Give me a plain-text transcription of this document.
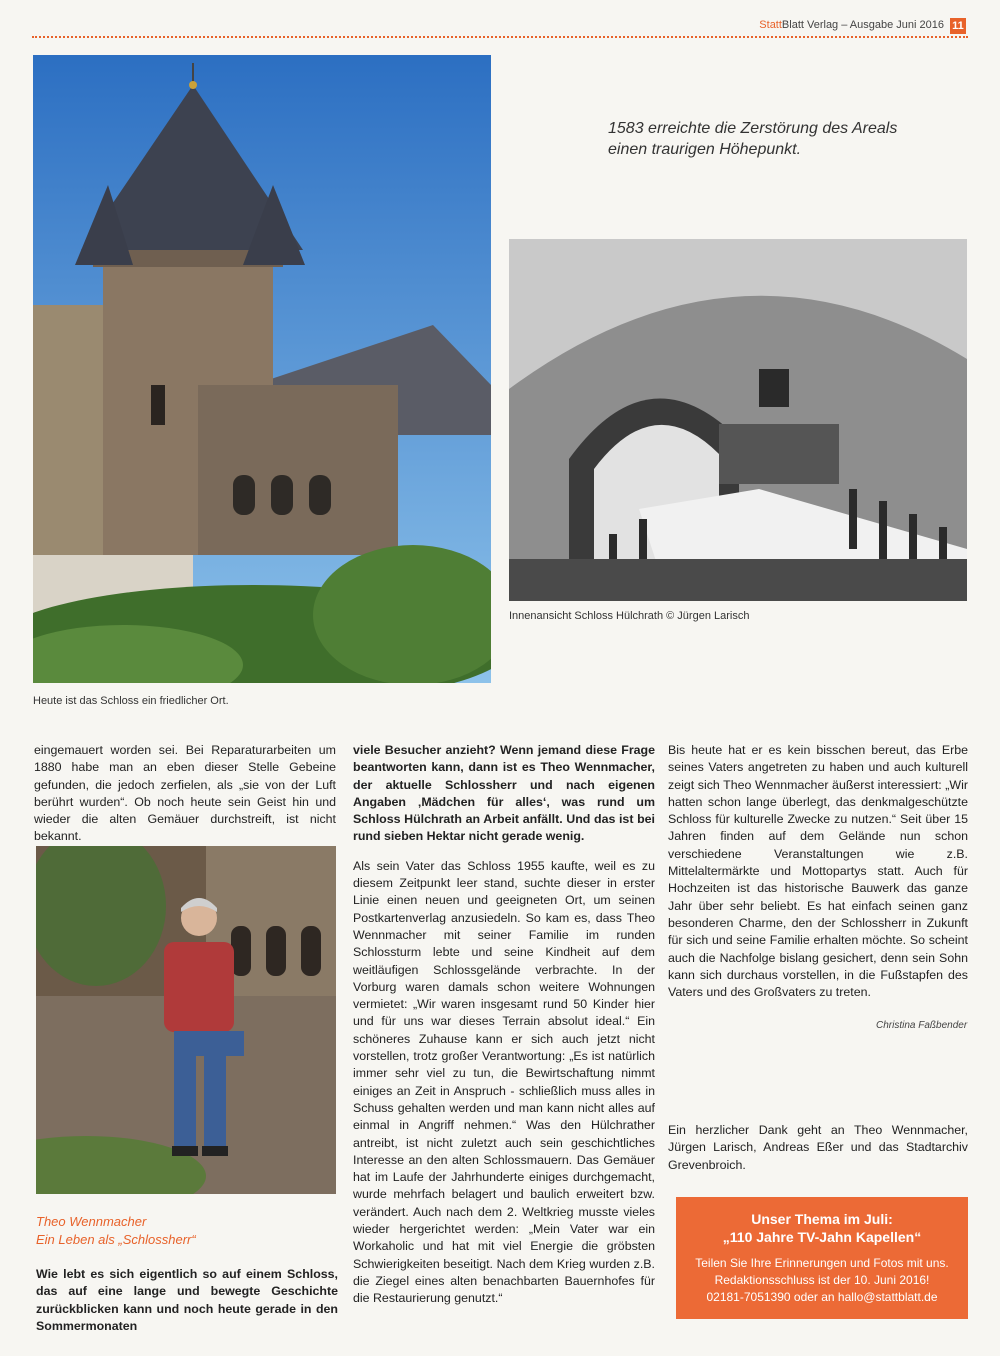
StattBlatt Verlag – Ausgabe Juni 2016 11
Heute ist das Schloss ein friedlicher Ort.
1583 erreichte die Zerstörung des Areals
einen traurigen Höhepunkt.
Innenansicht Schloss Hülchrath © Jürgen Larisch

eingemauert worden sei. Bei Reparaturarbeiten um 1880 habe man an eben dieser Stelle Gebeine gefunden, die jedoch zerfielen, als „sie von der Luft berührt wurden“. Ob noch heute sein Geist hin und wieder die alten Gemäuer durchstreift, ist nicht bekannt.

Theo Wennmacher
Ein Leben als „Schlossherr“

Wie lebt es sich eigentlich so auf einem Schloss, das auf eine lange und bewegte Geschichte zurückblicken kann und noch heute gerade in den Sommermonaten

viele Besucher anzieht? Wenn jemand diese Frage beantworten kann, dann ist es Theo Wennmacher, der aktuelle Schlossherr und nach eigenen Angaben ‚Mädchen für alles‘, was rund um Schloss Hülchrath an Arbeit anfällt. Und das ist bei rund sieben Hektar nicht gerade wenig.

Als sein Vater das Schloss 1955 kaufte, weil es zu diesem Zeitpunkt leer stand, suchte dieser in erster Linie einen neuen und geeigneten Ort, um seinen Postkartenverlag anzusiedeln. So kam es, dass Theo Wennmacher mit seiner Familie im runden Schlossturm lebte und seine Kindheit auf dem weitläufigen Schlossgelände verbrachte. In der Vorburg waren damals schon weitere Wohnungen vermietet: „Wir waren insgesamt rund 50 Kinder hier und für uns war dieses Terrain absolut ideal.“ Ein schöneres Zuhause kann er sich auch jetzt nicht vorstellen, trotz großer Verantwortung: „Es ist natürlich immer sehr viel zu tun, die Bewirtschaftung nimmt einiges an Zeit in Anspruch - schließlich muss alles in Schuss gehalten werden und man kann nicht alles auf einmal in Angriff nehmen.“ Was den Hülchrather antreibt, ist nicht zuletzt auch sein geschichtliches Interesse an den alten Schlossmauern. Das Gemäuer hat im Laufe der Jahrhunderte einiges durchgemacht, wurde mehrfach belagert und baulich erweitert bzw. verändert. Auch nach dem 2. Weltkrieg musste vieles wieder hergerichtet werden: „Mein Vater war ein Workaholic und hat mit viel Energie die gröbsten Schwierigkeiten beseitigt. Nach dem Krieg wurden z.B. die Ziegel eines alten benachbarten Bauernhofes für die Restaurierung genutzt.“

Bis heute hat er es kein bisschen bereut, das Erbe seines Vaters angetreten zu haben und auch kulturell zeigt sich Theo Wennmacher äußerst interessiert: „Wir hatten schon lange überlegt, das denkmalgeschützte Schloss für kulturelle Zwecke zu nutzen.“ Seit über 15 Jahren finden auf dem Gelände nun schon verschiedene Veranstaltungen wie z.B. Mittelaltermärkte und Mottopartys statt. Auch für Hochzeiten ist das historische Bauwerk das ganze Jahr über sehr beliebt. Es hat einfach seinen ganz besonderen Charme, den der Schlossherr in Zukunft für sich und seine Familie erhalten möchte. So scheint auch die Nachfolge bislang gesichert, denn sein Sohn kann sich durchaus vorstellen, in die Fußstapfen des Vaters und des Großvaters zu treten.

Christina Faßbender

Ein herzlicher Dank geht an Theo Wennmacher, Jürgen Larisch, Andreas Eßer und das Stadtarchiv Grevenbroich.

Unser Thema im Juli:
„110 Jahre TV-Jahn Kapellen“
Teilen Sie Ihre Erinnerungen und Fotos mit uns.
Redaktionsschluss ist der 10. Juni 2016!
02181-7051390 oder an hallo@stattblatt.de
